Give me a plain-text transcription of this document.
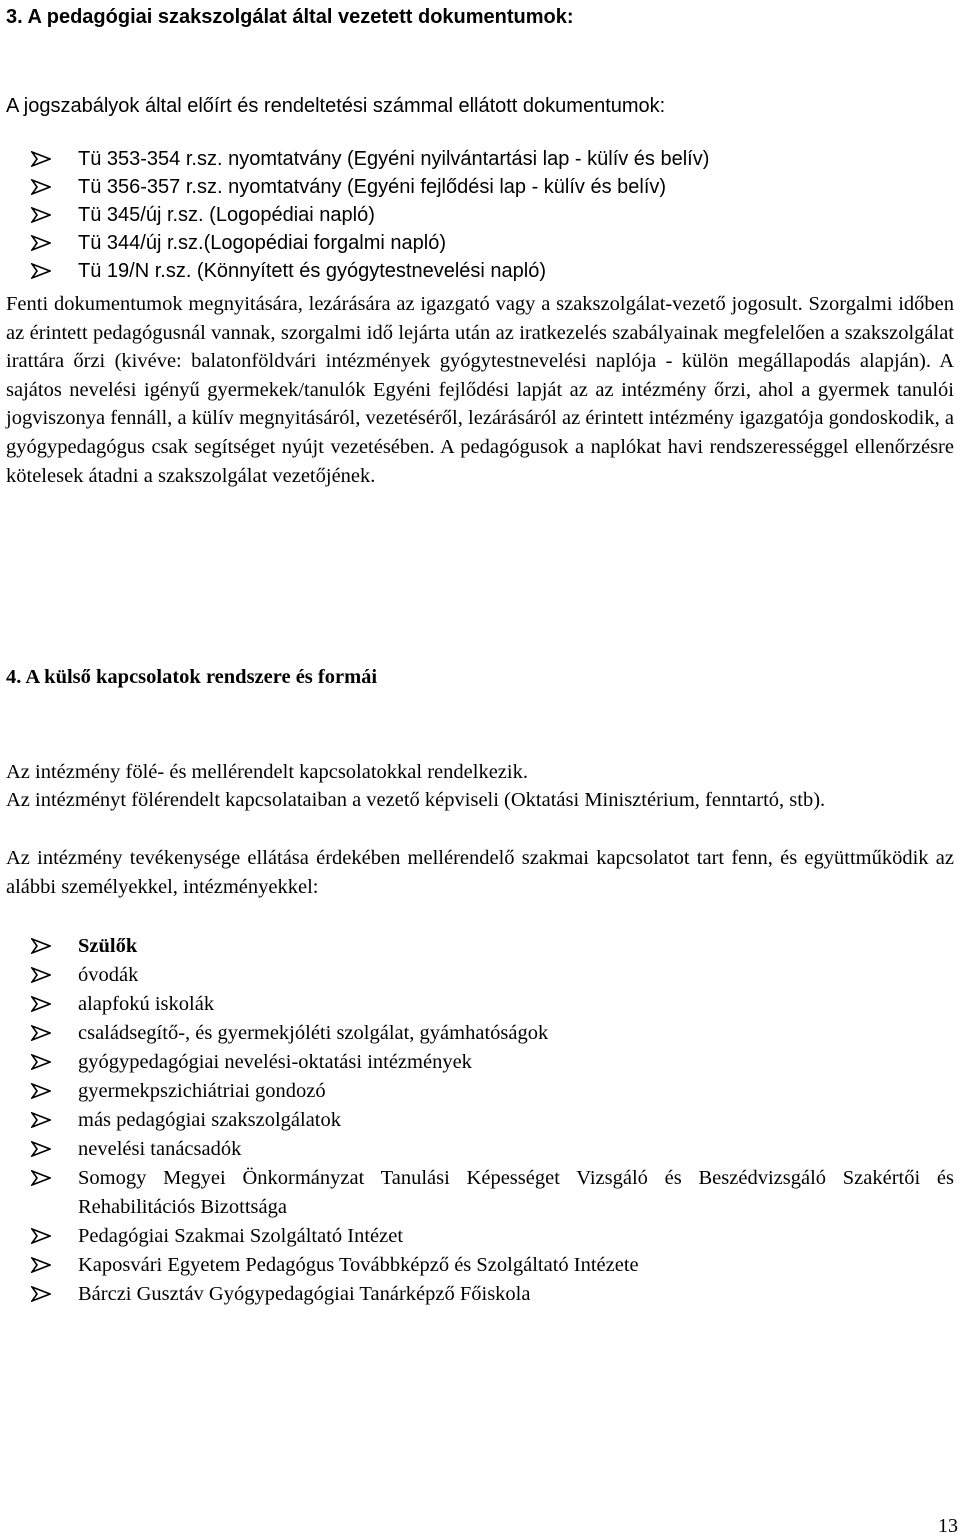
3. A pedagógiai szakszolgálat által vezetett dokumentumok:
A jogszabályok által előírt és rendeltetési számmal ellátott dokumentumok:
Tü 353-354 r.sz. nyomtatvány (Egyéni nyilvántartási lap - külív és belív)
Tü 356-357 r.sz. nyomtatvány (Egyéni fejlődési lap - külív és belív)
Tü 345/új r.sz. (Logopédiai napló)
Tü 344/új r.sz.(Logopédiai forgalmi napló)
Tü 19/N r.sz. (Könnyített és gyógytestnevelési napló)
Fenti dokumentumok megnyitására, lezárására az igazgató vagy a szakszolgálat-vezető jogosult. Szorgalmi időben az érintett pedagógusnál vannak, szorgalmi idő lejárta után az iratkezelés szabályainak megfelelően a szakszolgálat irattára őrzi (kivéve: balatonföldvári intézmények gyógytestnevelési naplója - külön megállapodás alapján). A sajátos nevelési igényű gyermekek/tanulók Egyéni fejlődési lapját az az intézmény őrzi, ahol a gyermek tanulói jogviszonya fennáll, a külív megnyitásáról, vezetéséről, lezárásáról az érintett intézmény igazgatója gondoskodik, a gyógypedagógus csak segítséget nyújt vezetésében. A pedagógusok a naplókat havi rendszerességgel ellenőrzésre kötelesek átadni a szakszolgálat vezetőjének.
4. A külső kapcsolatok rendszere és formái
Az intézmény fölé- és mellérendelt kapcsolatokkal rendelkezik.
Az intézményt fölérendelt kapcsolataiban a vezető képviseli (Oktatási Minisztérium, fenntartó, stb).
Az intézmény tevékenysége ellátása érdekében mellérendelő szakmai kapcsolatot tart fenn, és együttműködik az alábbi személyekkel, intézményekkel:
Szülők
óvodák
alapfokú iskolák
családsegítő-, és gyermekjóléti szolgálat, gyámhatóságok
gyógypedagógiai nevelési-oktatási intézmények
gyermekpszichiátriai gondozó
más pedagógiai szakszolgálatok
nevelési tanácsadók
Somogy Megyei Önkormányzat Tanulási Képességet Vizsgáló és Beszédvizsgáló Szakértői és Rehabilitációs Bizottsága
Pedagógiai Szakmai Szolgáltató Intézet
Kaposvári Egyetem Pedagógus Továbbképző és Szolgáltató Intézete
Bárczi Gusztáv Gyógypedagógiai Tanárképző Főiskola
13
